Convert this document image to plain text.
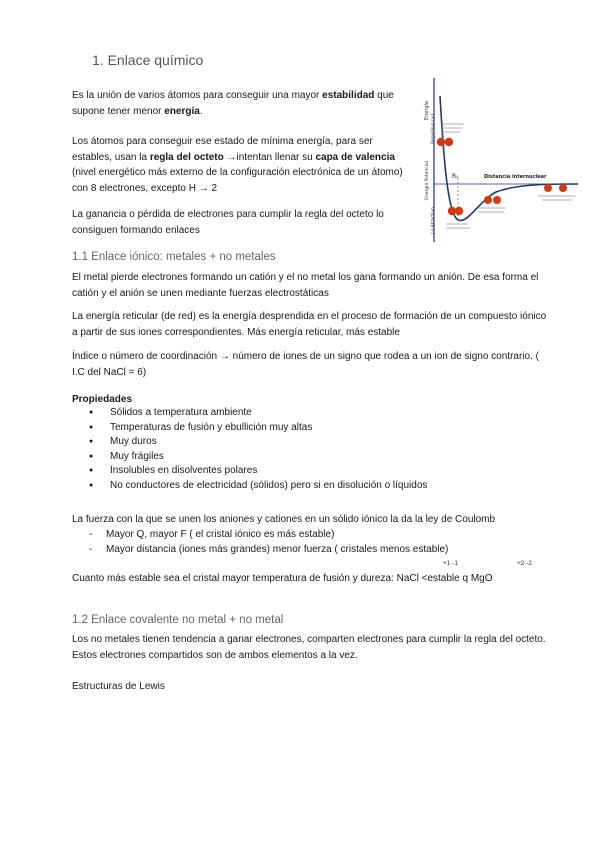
1. Enlace químico
Es la unión de varios átomos para conseguir una mayor estabilidad que supone tener menor energía.
Los átomos para conseguir ese estado de mínima energía, para ser estables, usan la regla del octeto →intentan llenar su capa de valencia (nivel energético más externo de la configuración electrónica de un átomo) con 8 electrones, excepto H → 2
La ganancia o pérdida de electrones para cumplir la regla del octeto lo consiguen formando enlaces
Energía
Energía Potencial
Repulsivo (+)
(-) Atractivo
R₀	Distancia internuclear
1.1 Enlace iónico: metales + no metales
El metal pierde electrones formando un catión y el no metal los gana formando un anión. De esa forma el catión y el anión se unen mediante fuerzas electrostáticas
La energía reticular (de red) es la energía desprendida en el proceso de formación de un compuesto iónico a partir de sus iones correspondientes. Más energía reticular, más estable
Índice o número de coordinación → número de iones de un signo que rodea a un ion de signo contrario. ( I.C del NaCl = 6)
Propiedades
● Sólidos a temperatura ambiente
● Temperaturas de fusión y ebullición muy altas
● Muy duros
● Muy frágiles
● Insolubles en disolventes polares
● No conductores de electricidad (sólidos) pero si en disolución o líquidos
La fuerza con la que se unen los aniones y cationes en un sólido iónico la da la ley de Coulomb
- Mayor Q, mayor F ( el cristal iónico es más estable)
- Mayor distancia (iones más grandes) menor fuerza ( cristales menos estable)
+1 -1	+2 -2
Cuanto más estable sea el cristal mayor temperatura de fusión y dureza: NaCl <estable q MgO
1.2 Enlace covalente no metal + no metal
Los no metales tienen tendencia a ganar electrones, comparten electrones para cumplir la regla del octeto. Estos electrones compartidos son de ambos elementos a la vez.
Estructuras de Lewis
